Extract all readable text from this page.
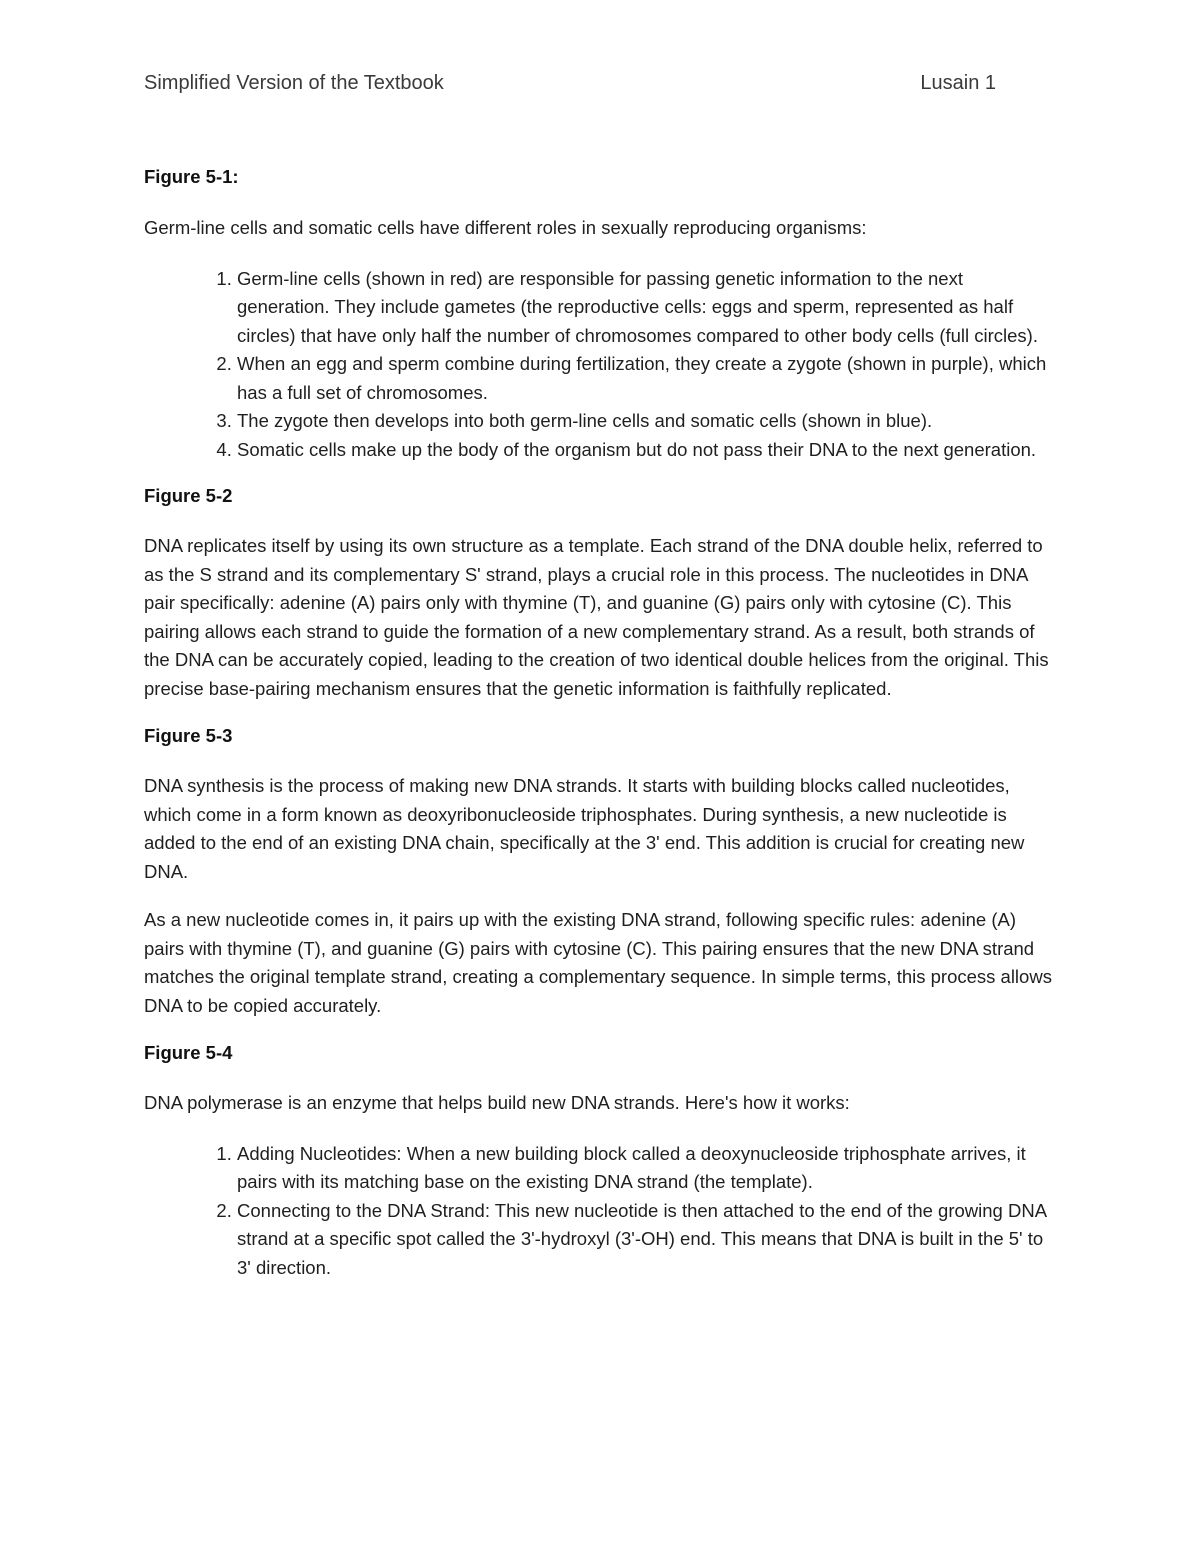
Simplified Version of the Textbook	Lusain 1
Figure 5-1:

Germ-line cells and somatic cells have different roles in sexually reproducing organisms:

1. Germ-line cells (shown in red) are responsible for passing genetic information to the next generation. They include gametes (the reproductive cells: eggs and sperm, represented as half circles) that have only half the number of chromosomes compared to other body cells (full circles).
2. When an egg and sperm combine during fertilization, they create a zygote (shown in purple), which has a full set of chromosomes.
3. The zygote then develops into both germ-line cells and somatic cells (shown in blue).
4. Somatic cells make up the body of the organism but do not pass their DNA to the next generation.
Figure 5-2

DNA replicates itself by using its own structure as a template. Each strand of the DNA double helix, referred to as the S strand and its complementary S' strand, plays a crucial role in this process. The nucleotides in DNA pair specifically: adenine (A) pairs only with thymine (T), and guanine (G) pairs only with cytosine (C). This pairing allows each strand to guide the formation of a new complementary strand. As a result, both strands of the DNA can be accurately copied, leading to the creation of two identical double helices from the original. This precise base-pairing mechanism ensures that the genetic information is faithfully replicated.

Figure 5-3

DNA synthesis is the process of making new DNA strands. It starts with building blocks called nucleotides, which come in a form known as deoxyribonucleoside triphosphates. During synthesis, a new nucleotide is added to the end of an existing DNA chain, specifically at the 3' end. This addition is crucial for creating new DNA.

As a new nucleotide comes in, it pairs up with the existing DNA strand, following specific rules: adenine (A) pairs with thymine (T), and guanine (G) pairs with cytosine (C). This pairing ensures that the new DNA strand matches the original template strand, creating a complementary sequence. In simple terms, this process allows DNA to be copied accurately.

Figure 5-4

DNA polymerase is an enzyme that helps build new DNA strands. Here's how it works:

1. Adding Nucleotides: When a new building block called a deoxynucleoside triphosphate arrives, it pairs with its matching base on the existing DNA strand (the template).
2. Connecting to the DNA Strand: This new nucleotide is then attached to the end of the growing DNA strand at a specific spot called the 3'-hydroxyl (3'-OH) end. This means that DNA is built in the 5' to 3' direction.
